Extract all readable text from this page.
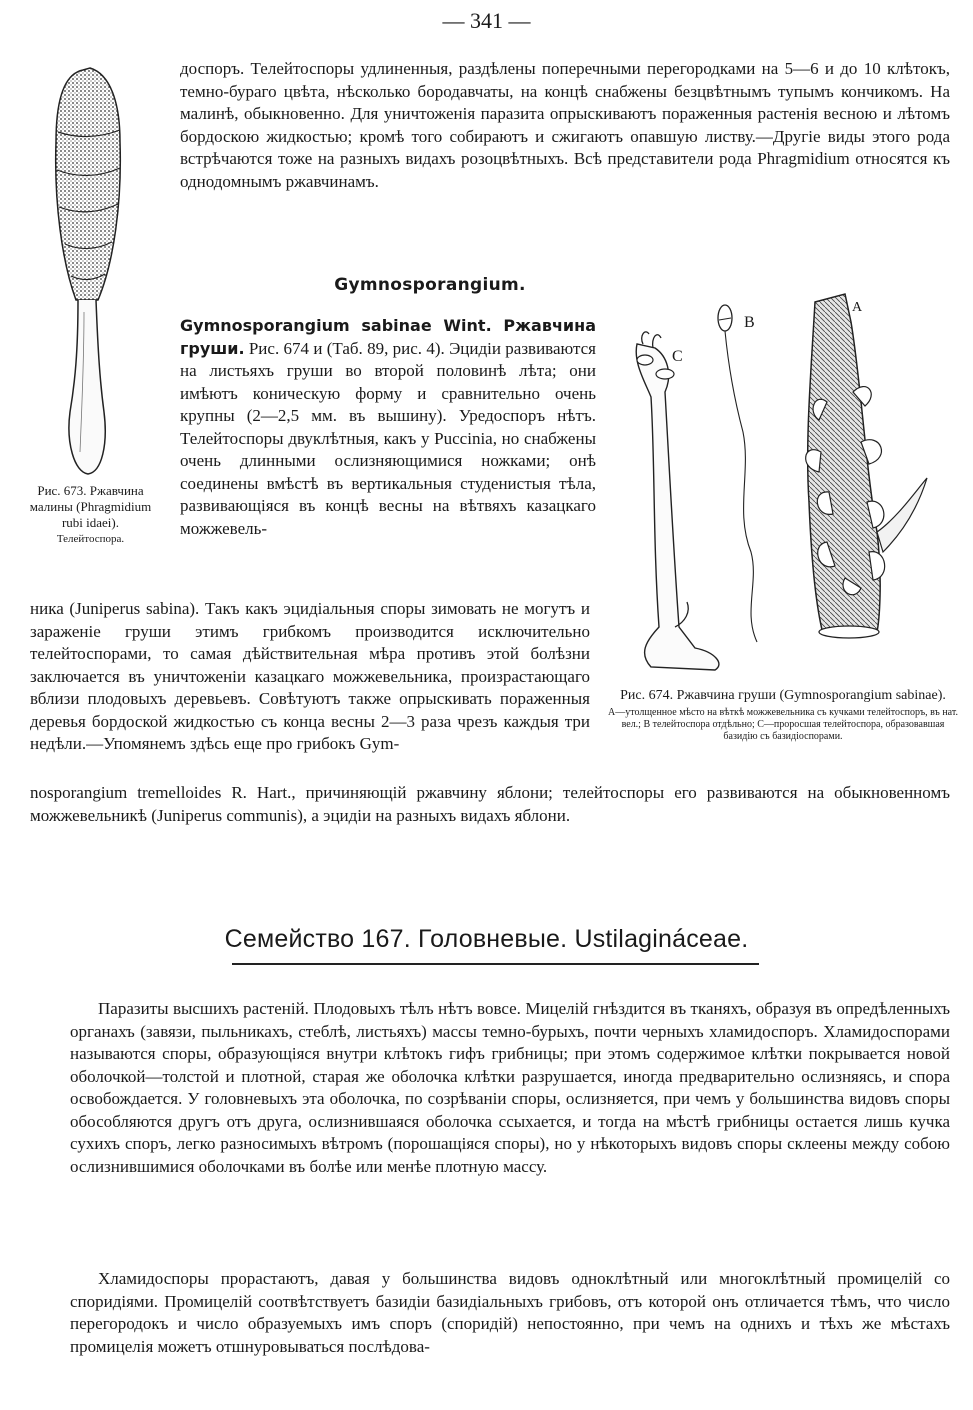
— 341 —
доспоръ. Телейтоспоры удлиненныя, раздѣлены поперечными перегородками на 5—6 и до 10 клѣтокъ, темно-бураго цвѣта, нѣсколько бородавчаты, на концѣ снабжены безцвѣтнымъ тупымъ кончикомъ. На малинѣ, обыкновенно. Для уничтоженія паразита опрыскиваютъ пораженныя растенія весною и лѣтомъ бордоскою жидкостью; кромѣ того собираютъ и сжигаютъ опавшую листву.—Другіе виды этого рода встрѣчаются тоже на разныхъ видахъ розоцвѣтныхъ. Всѣ представители рода Phragmidium относятся къ однодомнымъ ржавчинамъ.
Рис. 673. Ржавчина малины (Phragmidium rubi idaei).
Телейтоспора.
Gymnosporangium.
Gymnosporangium sabinae Wint. Ржавчина груши. Рис. 674 и (Таб. 89, рис. 4). Эцидіи развиваются на листьяхъ груши во второй половинѣ лѣта; они имѣютъ коническую форму и сравнительно очень крупны (2—2,5 мм. въ вышину). Уредоспоръ нѣтъ. Телейтоспоры двуклѣтныя, какъ у Puccinia, но снабжены очень длинными ослизняющимися ножками; онѣ соединены вмѣстѣ въ вертикальныя студенистыя тѣла, развивающіяся въ концѣ весны на вѣтвяхъ казацкаго можжевель-
A
B
C
Рис. 674. Ржавчина груши (Gymnosporangium sabinae).
A—утолщенное мѣсто на вѣткѣ можжевельника съ кучками телейтоспоръ, въ нат. вел.; B телейтоспора отдѣльно; C—проросшая телейтоспора, образовавшая базидію съ базидіоспорами.
ника (Juniperus sabina). Такъ какъ эцидіальныя споры зимовать не могутъ и зараженіе груши этимъ грибкомъ производится исключительно телейтоспорами, то самая дѣйствительная мѣра противъ этой болѣзни заключается въ уничтоженіи казацкаго можжевельника, произрастающаго вблизи плодовыхъ деревьевъ. Совѣтуютъ также опрыскивать пораженныя деревья бордоской жидкостью съ конца весны 2—3 раза чрезъ каждыя три недѣли.—Упомянемъ здѣсь еще про грибокъ Gym-
nosporangium tremelloides R. Hart., причиняющій ржавчину яблони; телейтоспоры его развиваются на обыкновенномъ можжевельникѣ (Juniperus communis), а эцидіи на разныхъ видахъ яблони.
Семейство 167. Головневые. Ustilagináceae.
Паразиты высшихъ растеній. Плодовыхъ тѣлъ нѣтъ вовсе. Мицелій гнѣздится въ тканяхъ, образуя въ опредѣленныхъ органахъ (завязи, пыльникахъ, стеблѣ, листьяхъ) массы темно-бурыхъ, почти черныхъ хламидоспоръ. Хламидоспорами называются споры, образующіяся внутри клѣтокъ гифъ грибницы; при этомъ содержимое клѣтки покрывается новой оболочкой—толстой и плотной, старая же оболочка клѣтки разрушается, иногда предварительно ослизняясь, и спора освобождается. У головневыхъ эта оболочка, по созрѣваніи споры, ослизняется, при чемъ у большинства видовъ споры обособляются другъ отъ друга, ослизнившаяся оболочка ссыхается, и тогда на мѣстѣ грибницы остается лишь кучка сухихъ споръ, легко разносимыхъ вѣтромъ (порошащіяся споры), но у нѣкоторыхъ видовъ споры склеены между собою ослизнившимися оболочками въ болѣе или менѣе плотную массу.
Хламидоспоры прорастаютъ, давая у большинства видовъ одноклѣтный или многоклѣтный промицелій со споридіями. Промицелій соотвѣтствуетъ базидіи базидіальныхъ грибовъ, отъ которой онъ отличается тѣмъ, что число перегородокъ и число образуемыхъ имъ споръ (споридій) непостоянно, при чемъ на однихъ и тѣхъ же мѣстахъ промицелія можетъ отшнуровываться послѣдова-
